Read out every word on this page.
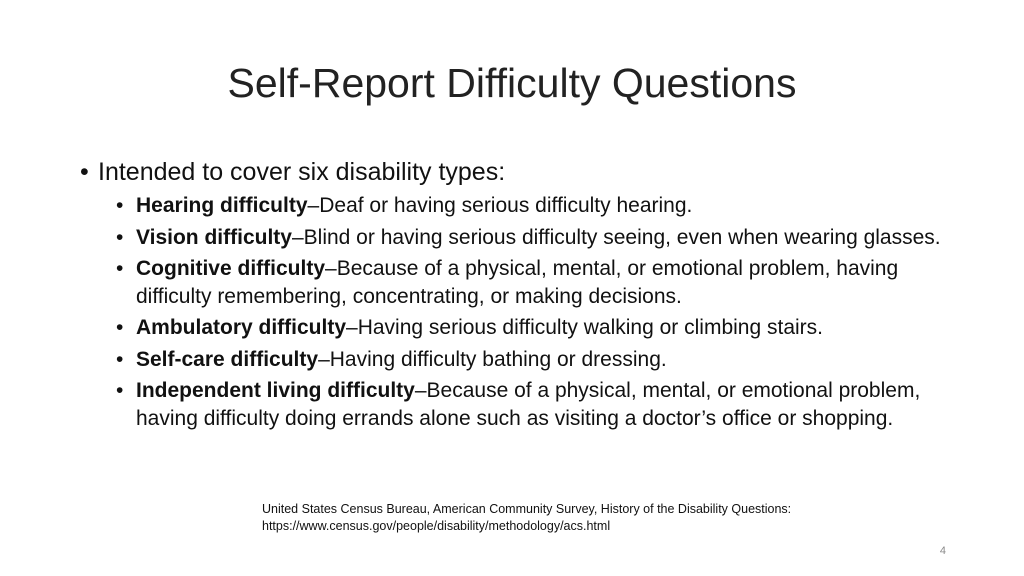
Self-Report Difficulty Questions
• Intended to cover six disability types:
• Hearing difficulty–Deaf or having serious difficulty hearing.
• Vision difficulty–Blind or having serious difficulty seeing, even when wearing glasses.
• Cognitive difficulty–Because of a physical, mental, or emotional problem, having difficulty remembering, concentrating, or making decisions.
• Ambulatory difficulty–Having serious difficulty walking or climbing stairs.
• Self-care difficulty–Having difficulty bathing or dressing.
• Independent living difficulty–Because of a physical, mental, or emotional problem, having difficulty doing errands alone such as visiting a doctor’s office or shopping.
United States Census Bureau, American Community Survey, History of the Disability Questions:
https://www.census.gov/people/disability/methodology/acs.html
4
